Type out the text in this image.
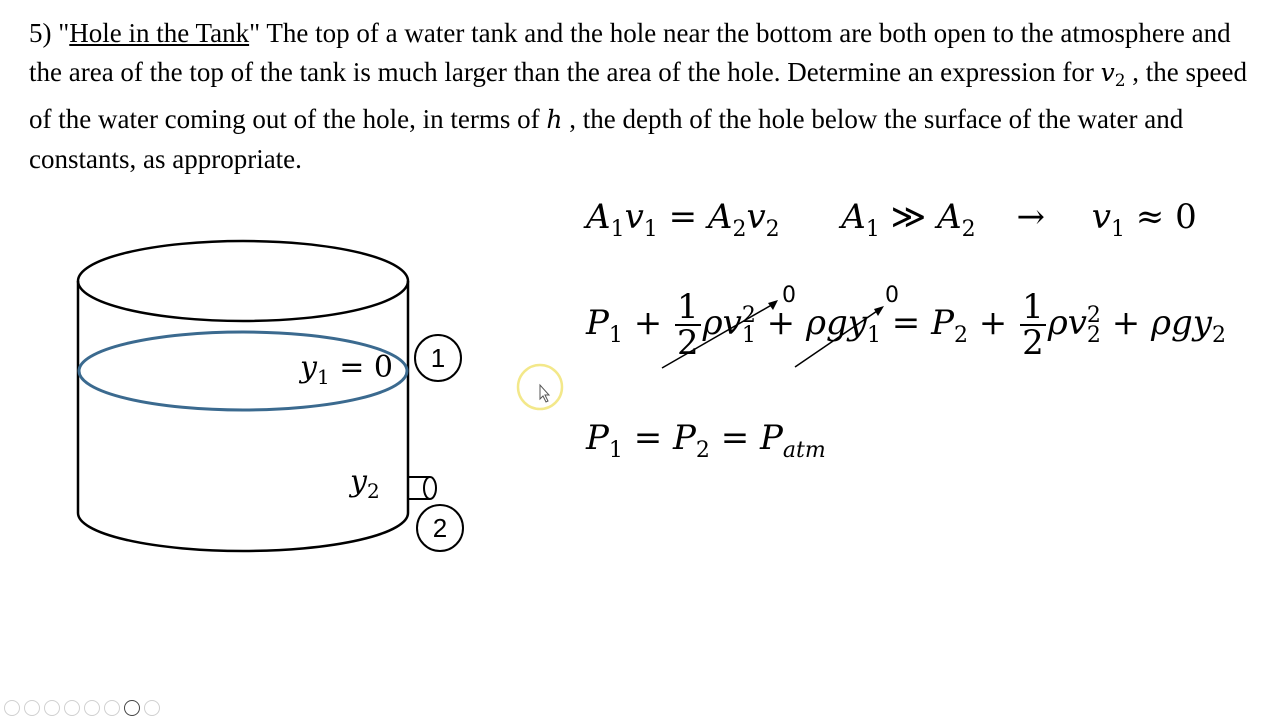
5) "Hole in the Tank" The top of a water tank and the hole near the bottom are both open to the atmosphere and the area of the top of the tank is much larger than the area of the hole. Determine an expression for $v_2$ , the speed of the water coming out of the hole, in terms of h , the depth of the hole below the surface of the water and constants, as appropriate.

$y_1 = 0$
$y_2$
1
2
$A_1v_1 = A_2v_2$ $A_1$ ≫ $A_2 \to v_1 \approx 0$
$P_1 + \frac{1}{2} \rho v^2_1 + \rho gy_1 = P_2 + \frac{1}{2} \rho v^2_2 + \rho gy_2$
0	0
$P_1 = P_2 = P_{atm}$
